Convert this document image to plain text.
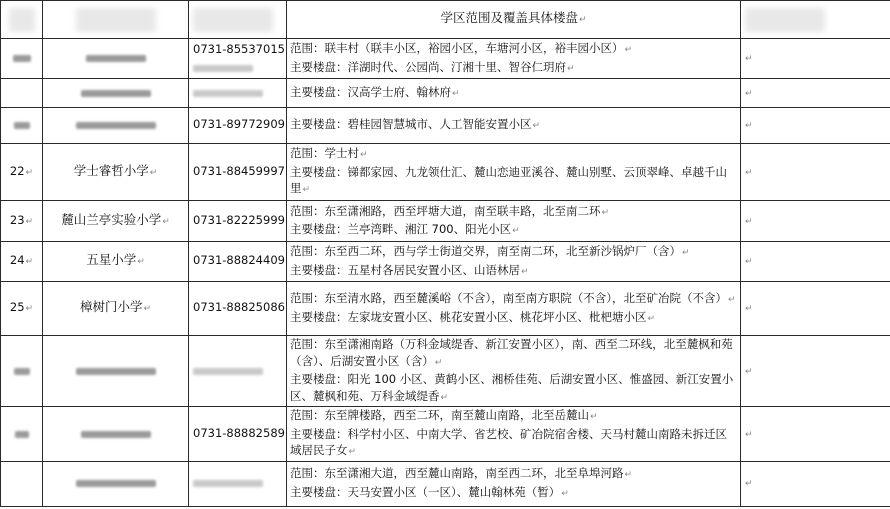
			学区范围及覆盖具体楼盘↵	
		0731-85537015	范围：联丰村（联丰小区，裕园小区，车塘河小区，裕丰园小区）↵
主要楼盘：洋湖时代、公园尚、汀湘十里、智谷仁玥府↵	↵

			主要楼盘：汉高学士府、翰林府↵	↵
		0731-89772909	主要楼盘：碧桂园智慧城市、人工智能安置小区↵	↵
22↵	学士睿哲小学↵	0731-88459997	范围：学士村↵
主要楼盘：锑都家园、九龙领仕汇、麓山恋迪亚溪谷、麓山别墅、云顶翠峰、卓越千山里↵	↵
23↵	麓山兰亭实验小学↵	0731-82225999	范围：东至潇湘路，西至坪塘大道，南至联丰路，北至南二环↵
主要楼盘：兰亭湾畔、湘江 700、阳光小区↵	↵
24↵	五星小学↵	0731-88824409	范围：东至西二环，西与学士街道交界，南至南二环，北至新沙锅炉厂（含）↵
主要楼盘：五星村各居民安置小区、山语林居↵	↵
25↵	樟树门小学↵	0731-88825086	范围：东至清水路，西至麓溪峪（不含），南至南方职院（不含），北至矿冶院（不含）↵
主要楼盘：左家垅安置小区、桃花安置小区、桃花坪小区、枇杷塘小区↵	↵

			范围：东至潇湘南路（万科金域缇香、新江安置小区），南、西至二环线，北至麓枫和苑（含）、后湖安置小区（含）↵
主要楼盘：阳光 100 小区、黄鹤小区、湘桥佳苑、后湖安置小区、惟盛园、新江安置小区、麓枫和苑、万科金域缇香↵	↵
		0731-88882589	范围：东至牌楼路，西至二环，南至麓山南路，北至岳麓山↵
主要楼盘：科学村小区、中南大学、省艺校、矿冶院宿舍楼、天马村麓山南路未拆迁区域居民子女↵	↵

			范围：东至潇湘大道，西至麓山南路，南至西二环，北至阜埠河路↵
主要楼盘：天马安置小区（一区）、麓山翰林苑（暂）↵	↵
